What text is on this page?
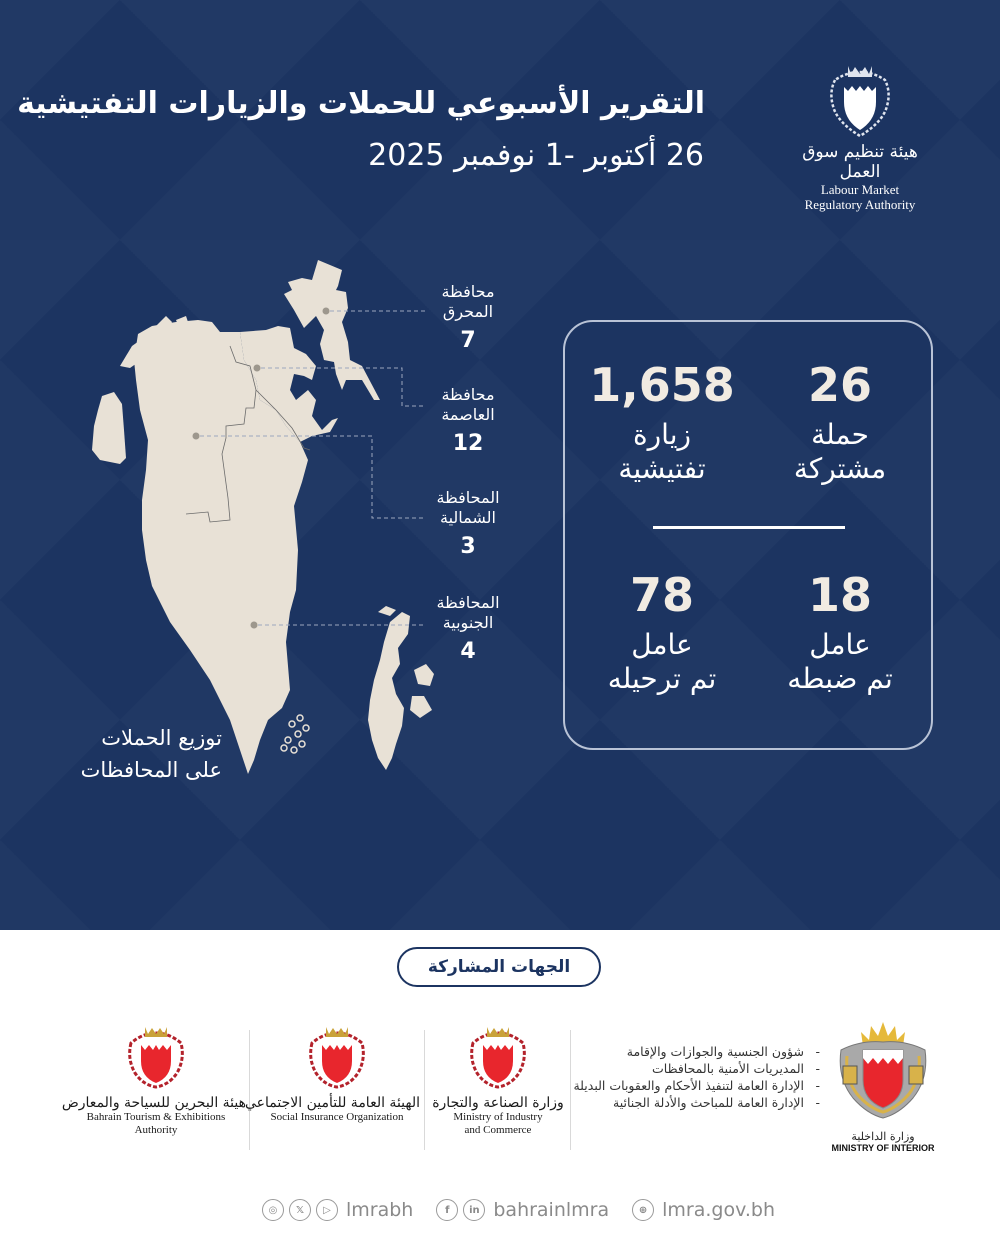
التقرير الأسبوعي للحملات والزيارات التفتيشية
26 أكتوبر -1 نوفمبر 2025	هيئة تنظيم سوق العمل
Labour Market
Regulatory Authority
محافظة
المحرق
7
محافظة
العاصمة
12
المحافظة
الشمالية
3
المحافظة
الجنوبية
4
توزيع الحملات
على المحافظات
26
حملة
مشتركة
1,658
زيارة
تفتيشية
18
عامل
تم ضبطه
78
عامل
تم ترحيله
الجهات المشاركة
هيئة البحرين للسياحة والمعارض
Bahrain Tourism & Exhibitions
Authority
الهيئة العامة للتأمين الاجتماعي
Social Insurance Organization
وزارة الصناعة والتجارة
Ministry of Industry
and Commerce
- شؤون الجنسية والجوازات والإقامة
- المديريات الأمنية بالمحافظات
- الإدارة العامة لتنفيذ الأحكام والعقوبات البديلة
- الإدارة العامة للمباحث والأدلة الجنائية
وزارة الداخلية
MINISTRY OF INTERIOR
◎	𝕏	▷ lmrabh	f	in bahrainlmra	⊕ lmra.gov.bh
